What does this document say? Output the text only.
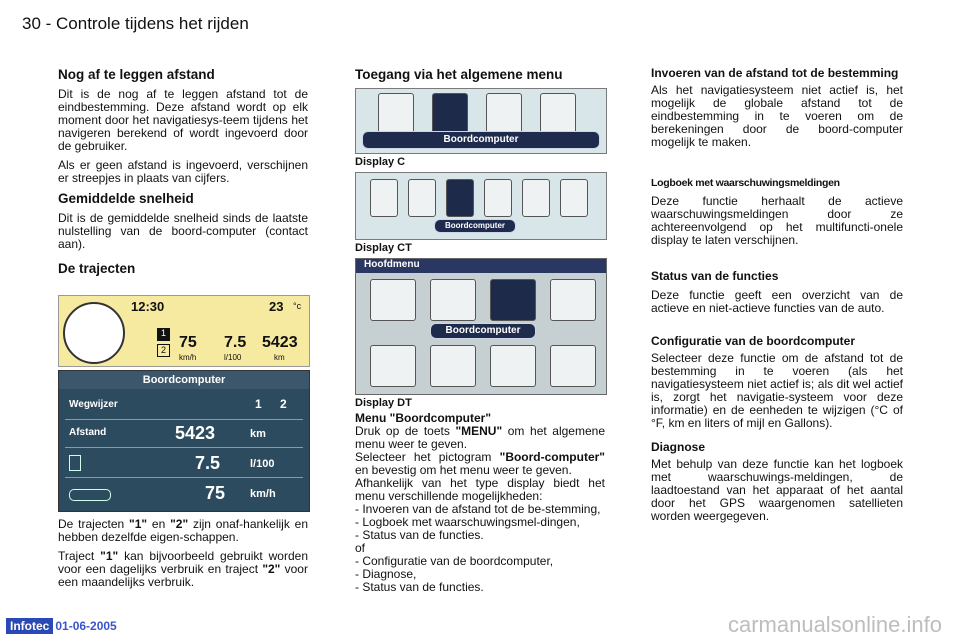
30 - Controle tijdens het rijden
Nog af te leggen afstand

Dit is de nog af te leggen afstand tot de eindbestemming. Deze afstand wordt op elk moment door het navigatiesys-teem tijdens het navigeren berekend of wordt ingevoerd door de gebruiker.

Als er geen afstand is ingevoerd, verschijnen er streepjes in plaats van cijfers.

Gemiddelde snelheid

Dit is de gemiddelde snelheid sinds de laatste nulstelling van de boord-computer (contact aan).

De trajecten
12:30	23 °c
1
2 75
km/h
7.5
l/100
5423
km
Boordcomputer
Wegwijzer	1 2
Afstand	5423	km
7.5	l/100
75 km/h

De trajecten "1" en "2" zijn onaf-hankelijk en hebben dezelfde eigen-schappen.

Traject "1" kan bijvoorbeeld gebruikt worden voor een dagelijks verbruik en traject "2" voor een maandelijks verbruik.

Toegang via het algemene menu
Boordcomputer
Display C
Boordcomputer
Display CT
Hoofdmenu
Boordcomputer
Display DT
Menu "Boordcomputer"
Druk op de toets "MENU" om het algemene menu weer te geven.
Selecteer het pictogram "Boord-computer" en bevestig om het menu weer te geven.
Afhankelijk van het type display biedt het menu verschillende mogelijkheden:
- Invoeren van de afstand tot de be-stemming,
- Logboek met waarschuwingsmel-dingen,
- Status van de functies.
of
- Configuratie van de boordcomputer,
- Diagnose,
- Status van de functies.
Invoeren van de afstand tot de bestemming

Als het navigatiesysteem niet actief is, het mogelijk de globale afstand tot de eindbestemming in te voeren om de berekeningen door de boord-computer mogelijk te maken.

Logboek met waarschuwingsmeldingen

Deze functie herhaalt de actieve waarschuwingsmeldingen door ze achtereenvolgend op het multifuncti-onele display te laten verschijnen.

Status van de functies

Deze functie geeft een overzicht van de actieve en niet-actieve functies van de auto.

Configuratie van de boordcomputer

Selecteer deze functie om de afstand tot de bestemming in te voeren (als het navigatiesysteem niet actief is; als dit wel actief is, zorgt het navigatie-systeem voor deze informatie) en de eenheden te wijzigen (°C of °F, km en liters of mijl en Gallons).

Diagnose

Met behulp van deze functie kan het logboek met waarschuwings-meldingen, de laadtoestand van het apparaat of het aantal door het GPS waargenomen satellieten worden weergegeven.

Infotec 01-06-2005	carmanualsonline.info
